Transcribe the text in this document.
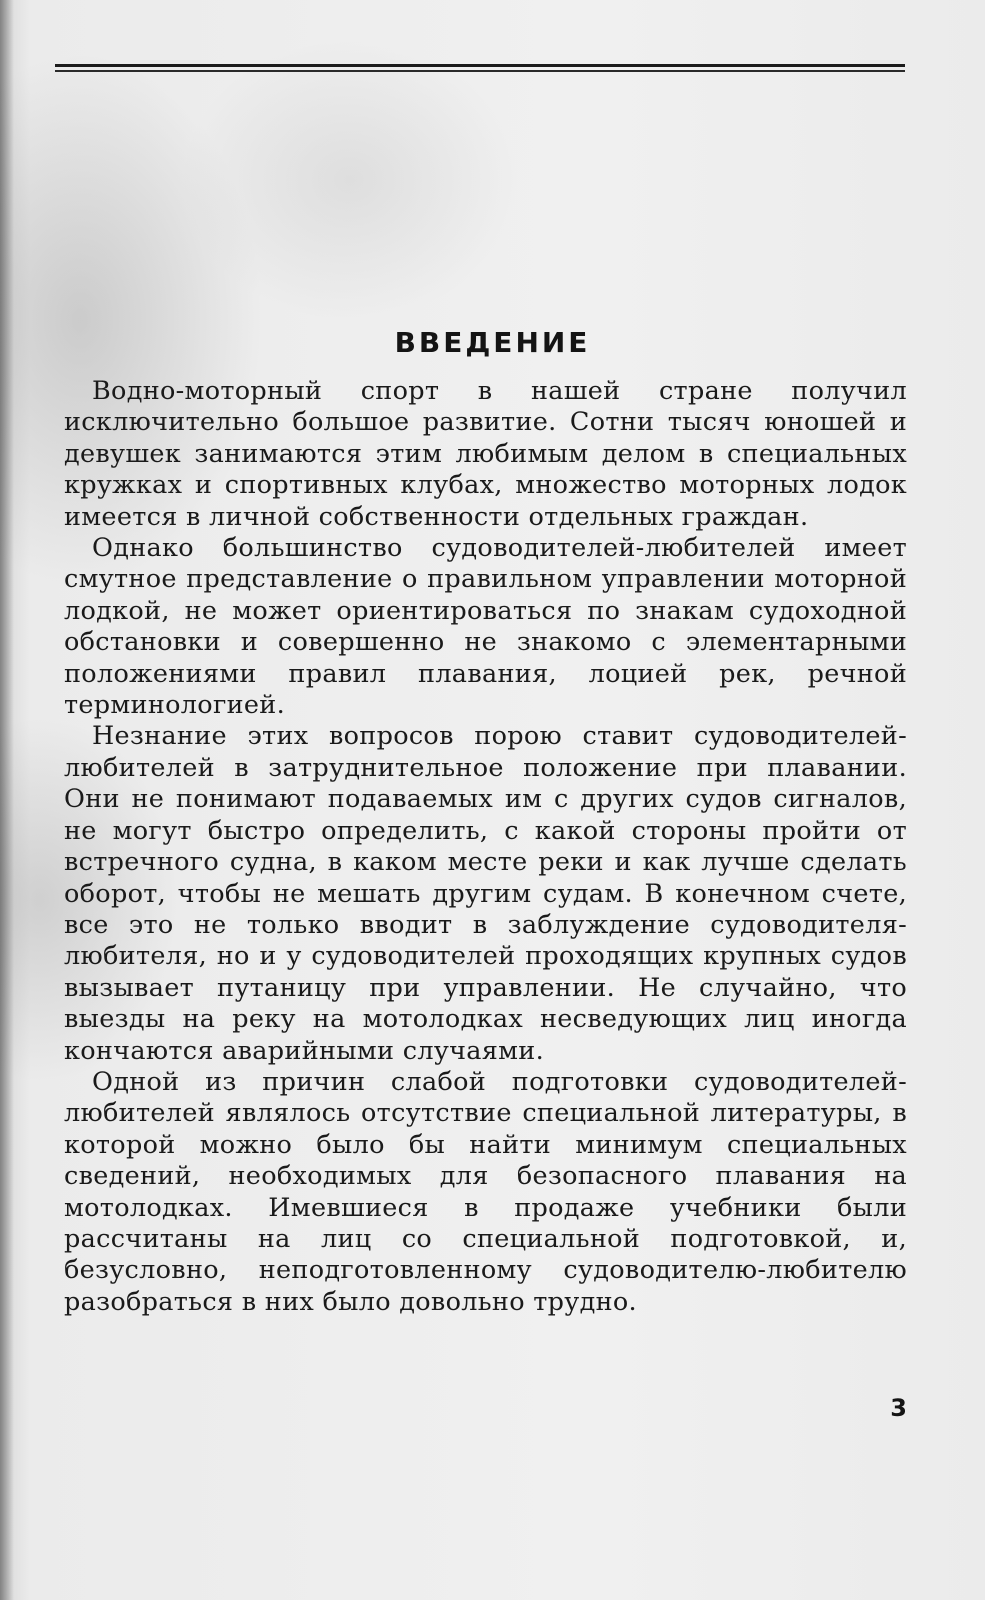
ВВЕДЕНИЕ

Водно-моторный спорт в нашей стране получил исключительно большое развитие. Сотни тысяч юношей и девушек занимаются этим любимым делом в специальных кружках и спортивных клубах, множество моторных лодок имеется в личной собственности отдельных граждан.

Однако большинство судоводителей-любителей имеет смутное представление о правильном управлении моторной лодкой, не может ориентироваться по знакам судоходной обстановки и совершенно не знакомо с элементарными положениями правил плавания, лоцией рек, речной терминологией.

Незнание этих вопросов порою ставит судоводителей-любителей в затруднительное положение при плавании. Они не понимают подаваемых им с других судов сигналов, не могут быстро определить, с какой стороны пройти от встречного судна, в каком месте реки и как лучше сделать оборот, чтобы не мешать другим судам. В конечном счете, все это не только вводит в заблуждение судоводителя-любителя, но и у судоводителей проходящих крупных судов вызывает путаницу при управлении. Не случайно, что выезды на реку на мотолодках несведующих лиц иногда кончаются аварийными случаями.

Одной из причин слабой подготовки судоводителей-любителей являлось отсутствие специальной литературы, в которой можно было бы найти минимум специальных сведений, необходимых для безопасного плавания на мотолодках. Имевшиеся в продаже учебники были рассчитаны на лиц со специальной подготовкой, и, безусловно, неподготовленному судоводителю-любителю разобраться в них было довольно трудно.

3
